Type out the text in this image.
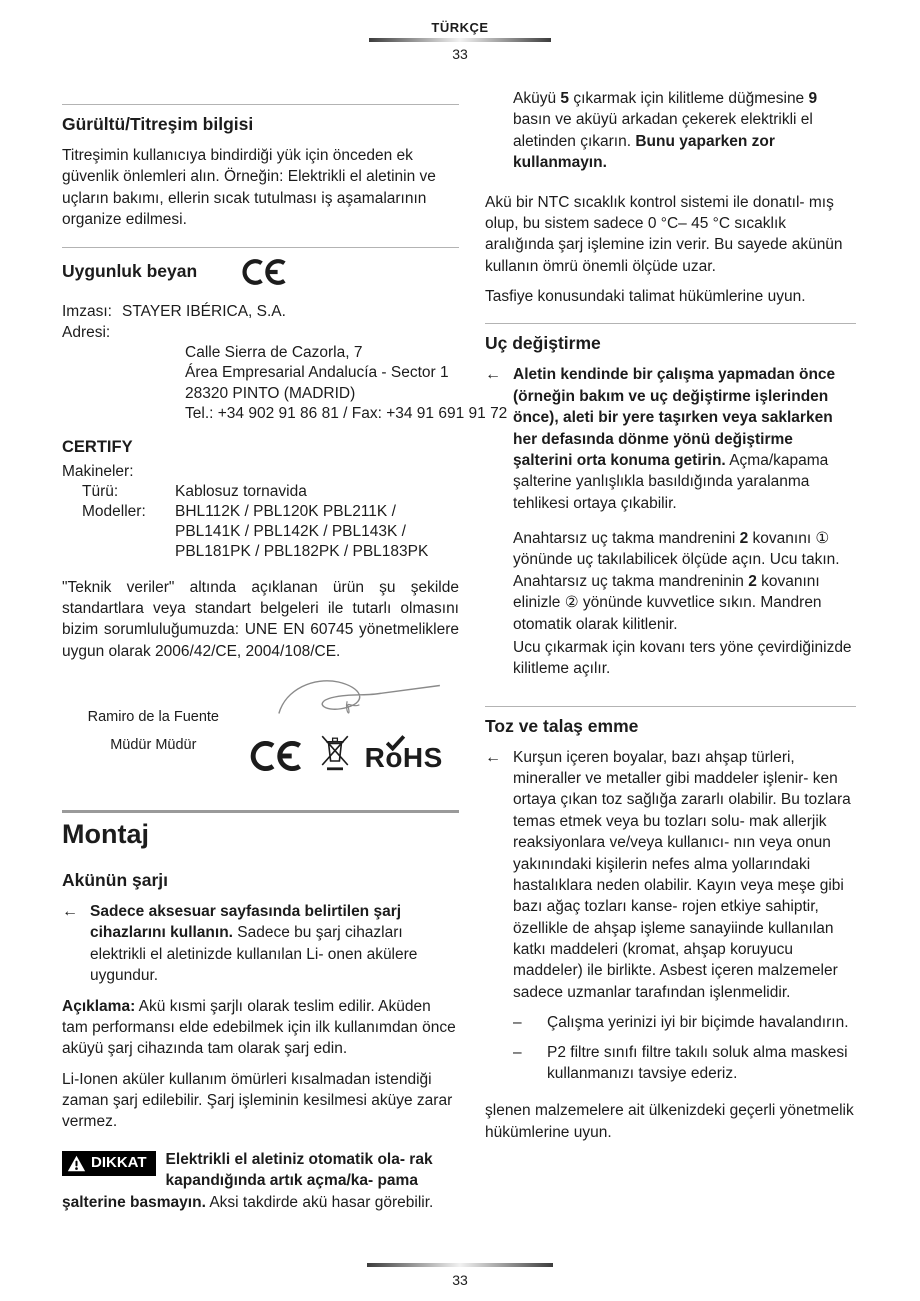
TÜRKÇE
33
Gürültü/Titreşim bilgisi

Titreşimin kullanıcıya bindirdiği yük için önceden ek güvenlik önlemleri alın. Örneğin: Elektrikli el aletinin ve uçların bakımı, ellerin sıcak tutulması iş aşamalarının organize edilmesi.

Uygunluk beyan
Imzası: STAYER IBÉRICA, S.A.
Adresi:
Calle Sierra de Cazorla, 7
Área Empresarial Andalucía - Sector 1
28320 PINTO (MADRID)
Tel.: +34 902 91 86 81 / Fax: +34 91 691 91 72
CERTIFY
Makineler:
Türü:	Kablosuz tornavida
Modeller:	BHL112K / PBL120K PBL211K /
PBL141K / PBL142K / PBL143K /
PBL181PK / PBL182PK / PBL183PK

"Teknik veriler" altında açıklanan ürün şu şekilde standartlara veya standart belgeleri ile tutarlı olmasını bizim sorumluluğumuzda: UNE EN 60745 yönetmeliklere uygun olarak 2006/42/CE, 2004/108/CE.

Ramiro de la Fuente
Müdür Müdür	RoHS
Montaj
Akünün şarjı
← Sadece aksesuar sayfasında belirtilen şarj cihazlarını kullanın. Sadece bu şarj cihazları elektrikli el aletinizde kullanılan Li- onen akülere uygundur.

Açıklama: Akü kısmi şarjlı olarak teslim edilir. Aküden tam performansı elde edebilmek için ilk kullanımdan önce aküyü şarj cihazında tam olarak şarj edin.

Li-Ionen aküler kullanım ömürleri kısalmadan istendiği zaman şarj edilebilir. Şarj işleminin kesilmesi aküye zarar vermez.

DIKKAT Elektrikli el aletiniz otomatik ola- rak kapandığında artık açma/ka- pama şalterine basmayın. Aksi takdirde akü hasar görebilir.

Aküyü 5 çıkarmak için kilitleme düğmesine 9 basın ve aküyü arkadan çekerek elektrikli el aletinden çıkarın. Bunu yaparken zor kullanmayın.

Akü bir NTC sıcaklık kontrol sistemi ile donatıl- mış olup, bu sistem sadece 0 °C– 45 °C sıcaklık aralığında şarj işlemine izin verir. Bu sayede akünün kullanın ömrü önemli ölçüde uzar.

Tasfiye konusundaki talimat hükümlerine uyun.

Uç değiştirme
← Aletin kendinde bir çalışma yapmadan önce (örneğin bakım ve uç değiştirme işlerinden önce), aleti bir yere taşırken veya saklarken her defasında dönme yönü değiştirme şalterini orta konuma getirin. Açma/kapama şalterine yanlışlıkla basıldığında yaralanma tehlikesi ortaya çıkabilir.

Anahtarsız uç takma mandrenini 2 kovanını ① yönünde uç takılabilicek ölçüde açın. Ucu takın. Anahtarsız uç takma mandreninin 2 kovanını elinizle ② yönünde kuvvetlice sıkın. Mandren otomatik olarak kilitlenir.

Ucu çıkarmak için kovanı ters yöne çevirdiğinizde kilitleme açılır.

Toz ve talaş emme
← Kurşun içeren boyalar, bazı ahşap türleri, mineraller ve metaller gibi maddeler işlenir- ken ortaya çıkan toz sağlığa zararlı olabilir. Bu tozlara temas etmek veya bu tozları solu- mak allerjik reaksiyonlara ve/veya kullanıcı- nın veya onun yakınındaki kişilerin nefes alma yollarındaki hastalıklara neden olabilir. Kayın veya meşe gibi bazı ağaç tozları kanse- rojen etkiye sahiptir, özellikle de ahşap işleme sanayiinde kullanılan katkı maddeleri (kromat, ahşap koruyucu maddeler) ile birlikte. Asbest içeren malzemeler sadece uzmanlar tarafından işlenmelidir.

–	Çalışma yerinizi iyi bir biçimde havalandırın.
–	P2 filtre sınıfı filtre takılı soluk alma maskesi kullanmanızı tavsiye ederiz.

şlenen malzemelere ait ülkenizdeki geçerli yönetmelik hükümlerine uyun.

33
